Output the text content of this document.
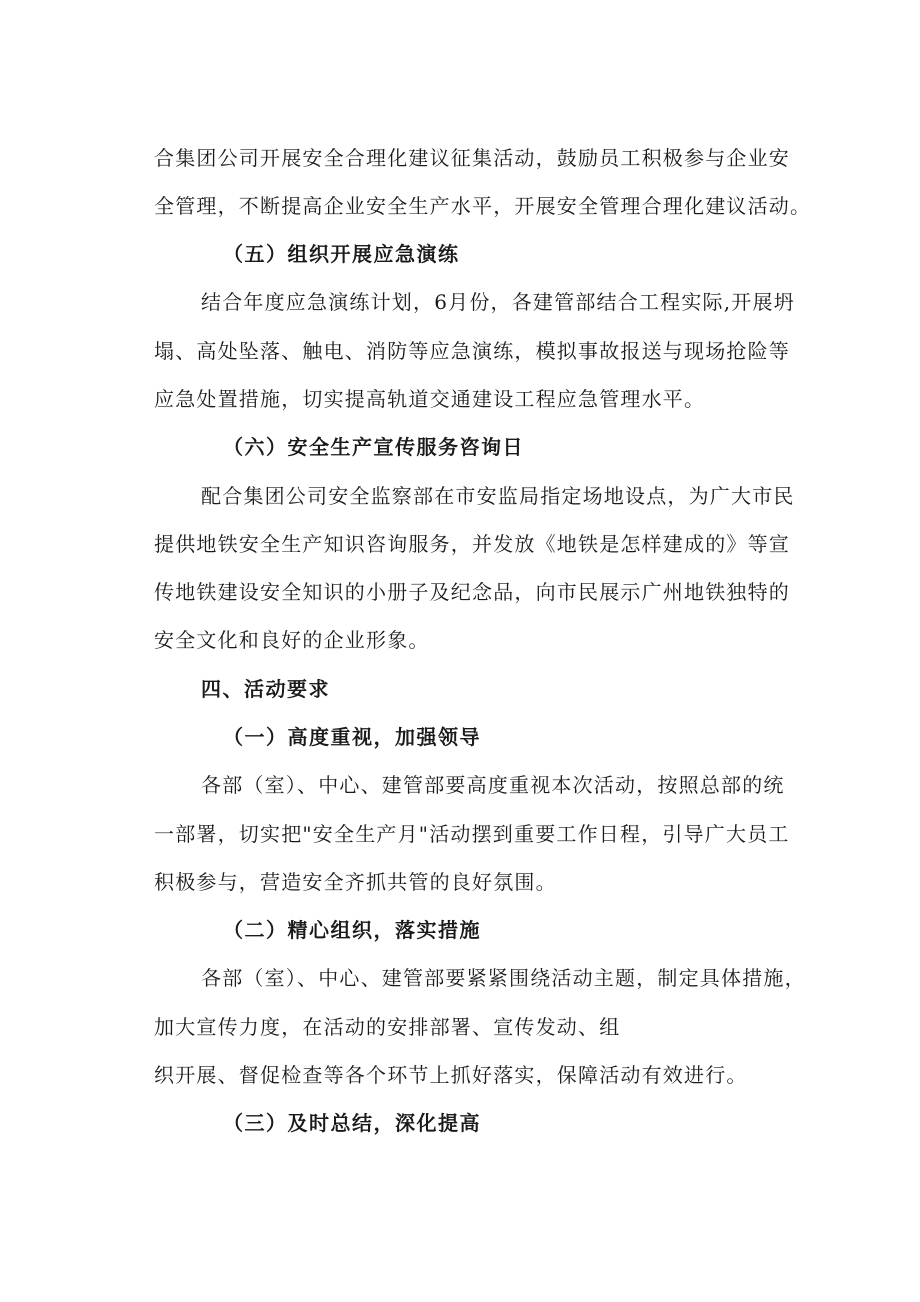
合集团公司开展安全合理化建议征集活动，鼓励员工积极参与企业安
全管理，不断提高企业安全生产水平，开展安全管理合理化建议活动。
（五）组织开展应急演练
结合年度应急演练计划，6月份，各建管部结合工程实际,开展坍
塌、高处坠落、触电、消防等应急演练，模拟事故报送与现场抢险等
应急处置措施，切实提高轨道交通建设工程应急管理水平。
（六）安全生产宣传服务咨询日
配合集团公司安全监察部在市安监局指定场地设点，为广大市民
提供地铁安全生产知识咨询服务，并发放《地铁是怎样建成的》等宣
传地铁建设安全知识的小册子及纪念品，向市民展示广州地铁独特的
安全文化和良好的企业形象。
四、活动要求
（一）高度重视，加强领导
各部（室）、中心、建管部要高度重视本次活动，按照总部的统
一部署，切实把"安全生产月"活动摆到重要工作日程，引导广大员工
积极参与，营造安全齐抓共管的良好氛围。
（二）精心组织，落实措施
各部（室）、中心、建管部要紧紧围绕活动主题，制定具体措施，
加大宣传力度，在活动的安排部署、宣传发动、组
织开展、督促检查等各个环节上抓好落实，保障活动有效进行。
（三）及时总结，深化提高
